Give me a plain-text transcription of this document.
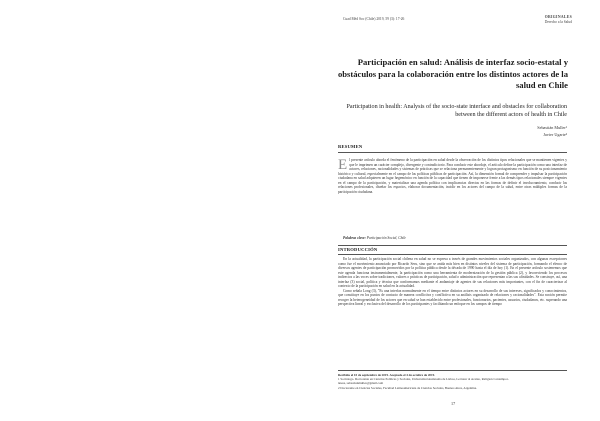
Cuad Méd Soc (Chile) 2019, 59 (3): 17-26	ORIGINALES
Derecho a la Salud
Participación en salud: Análisis de interfaz socio-estatal y obstáculos para la colaboración entre los distintos actores de la salud en Chile
Participation in health: Analysis of the socio-state interface and obstacles for collaboration between the different actors of health in Chile
Sebastián Muller¹
Javier Ugarte²
RESUMEN
El presente artículo aborda el fenómeno de la participación en salud desde la observación de los distintos tipos relacionales que se mantienen vigentes y que le imprimen un carácter complejo, divergente y contradictorio. Para conducir este abordaje, el artículo define la participación como una interfaz de actores, relaciones, racionalidades y sistemas de prácticas que se relaciona permanentemente y logran protagonismo en función de su posicionamiento histórico y cultural, especialmente en el campo de las políticas públicas de participación. Así, la dimensión formal de comprender y impulsar la participación ciudadana en salud adquieren un lugar hegemónico en función de la capacidad que tienen de imponerse frente a las demás tipos relacionales siempre vigentes en el campo de la participación, y materializar una agenda política con implicancias directas en las formas de definir el involucramiento, conducir las relaciones profesionales, diseñar los espacios, elaborar documentación, incidir en los actores del campo de la salud, entre otras múltiples formas de la participación ciudadana.
Palabras clave: Participación Social, Chile
INTRODUCCIÓN

En la actualidad, la participación social chilena en salud no se expresa a través de grandes movimientos sociales organizados, con algunas excepciones como fue el movimiento anunciado por Ricardo Seru, sino que se anida más bien en distintos niveles del sistema de participación, formando el elenco de diversos agentes de participación promovidos por la política pública desde la década de 1990 hasta el día de hoy (1). En el presente artículo sostenemos que este agenda funciona instrumentalmente, la participación como una herramienta de modernización de la gestión pública (2), y favoreciendo los procesos indirectos a las voces sobre tradiciones, valores o prácticas de participación, salud o administración que representan a las sus afinidades. Se construye, así, una interfaz (3) social, política y técnica que conformamos mediante el andamiaje de agentes de sus relaciones más importantes, con el fin de caracterizar al contexto de la participación en salud en la actualidad.

Como señala Long (3), "Es una interfaz normalmente en el tiempo entre distintos actores en su desarrollo de sus intereses, significados y conocimientos, que constituye en los puntos de contacto de manera conflictiva y conflictiva en su análisis organizado de relaciones y racionalidades". Esta noción permite recoger la heterogeneidad de los actores que en salud se han establecido entre profesionales, funcionarios, pacientes, usuarios, ciudadanos, etc. superando una perspectiva lineal y exclusiva del desarrollo de los participantes y facilitando un enfoque en los campos de tiempo

Recibido el 10 de septiembre de 2019. Aceptado el 4 de octubre de 2019.
1 Sociólogo. Doctorante en Ciencias Políticas y Sociales, Universidad Autónoma de Lisboa, Lecturer al Acanto, Religion Contempor-
áneas, sebastianmuller@gmail.com
2 Doctorante en Ciencias Sociales, Facultad Latinoamericana de Ciencias Sociales, Buenos Aires, Argentina.
17
